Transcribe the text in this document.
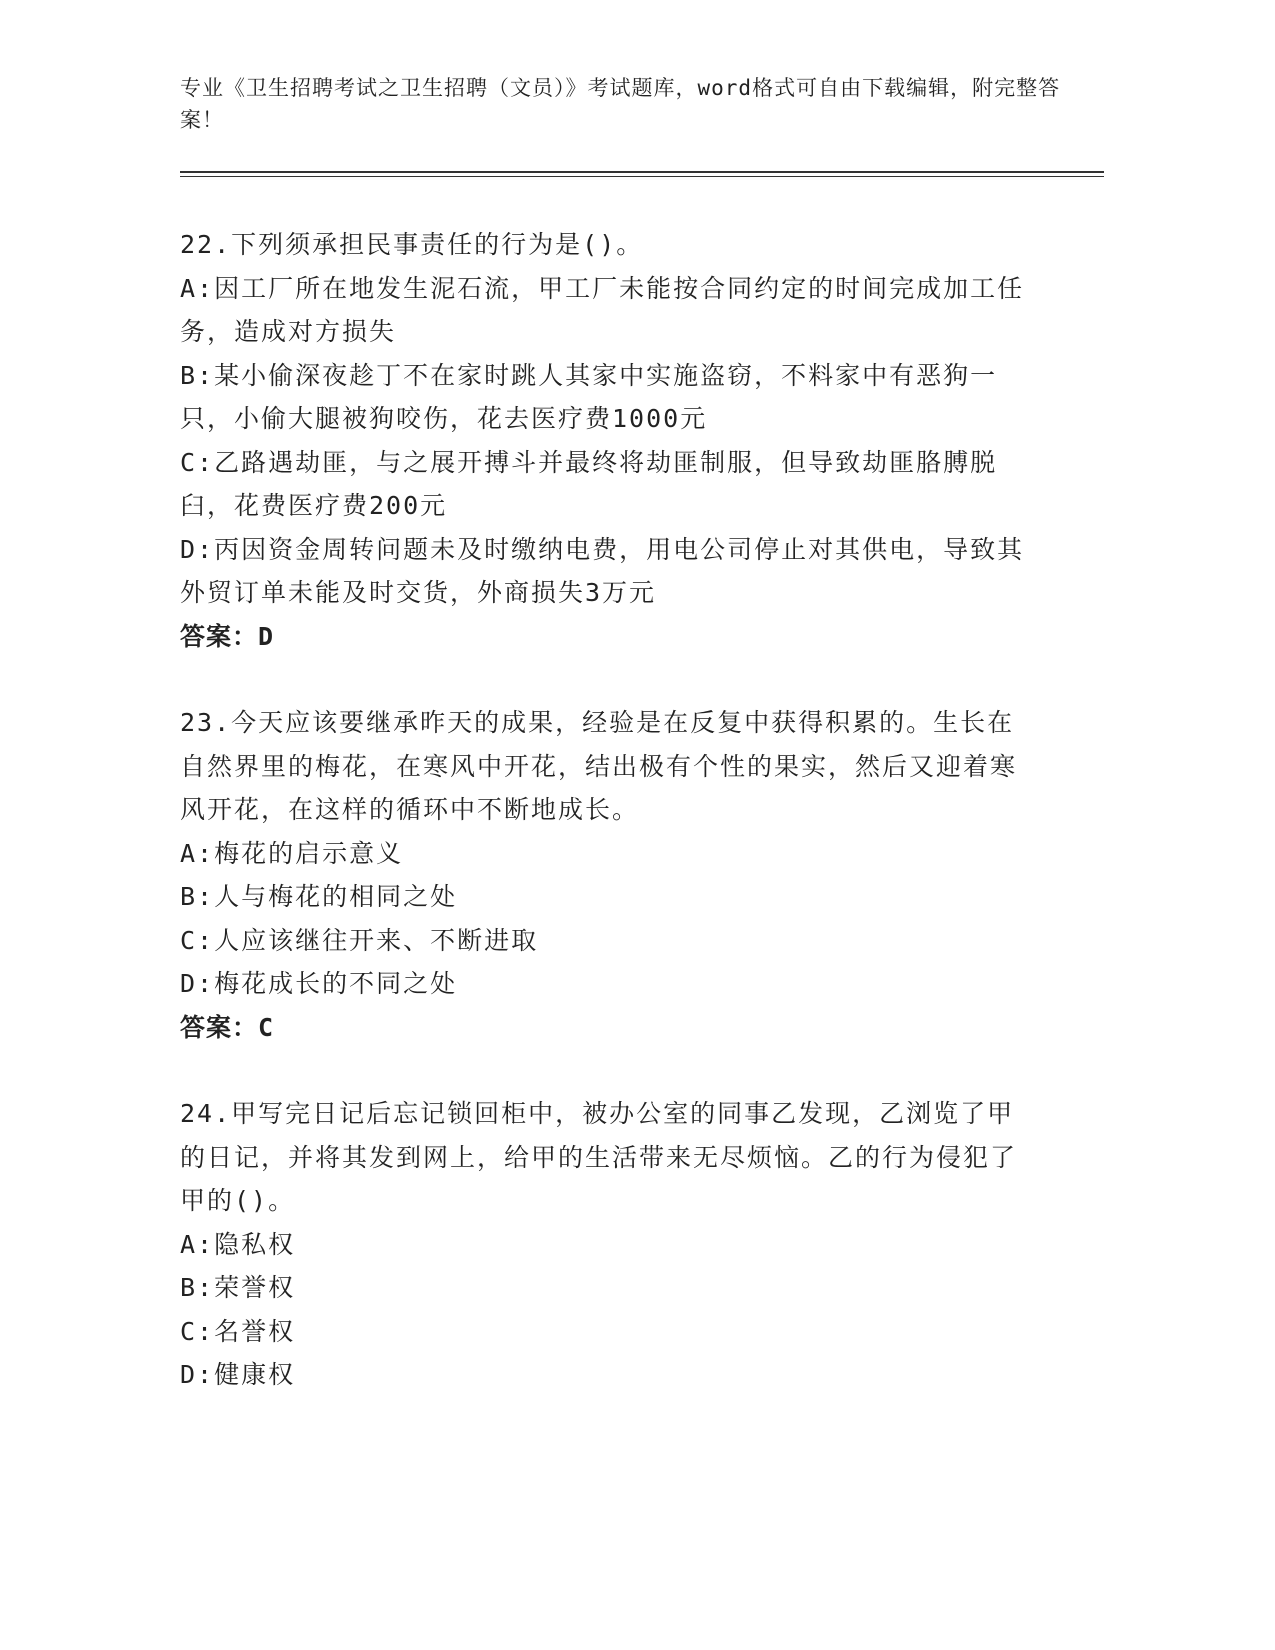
专业《卫生招聘考试之卫生招聘（文员）》考试题库，word格式可自由下载编辑，附完整答案！
22.下列须承担民事责任的行为是()。
A:因工厂所在地发生泥石流，甲工厂未能按合同约定的时间完成加工任务，造成对方损失
B:某小偷深夜趁丁不在家时跳人其家中实施盗窃，不料家中有恶狗一只，小偷大腿被狗咬伤，花去医疗费1000元
C:乙路遇劫匪，与之展开搏斗并最终将劫匪制服，但导致劫匪胳膊脱臼，花费医疗费200元
D:丙因资金周转问题未及时缴纳电费，用电公司停止对其供电，导致其外贸订单未能及时交货，外商损失3万元
答案：D
23.今天应该要继承昨天的成果，经验是在反复中获得积累的。生长在自然界里的梅花，在寒风中开花，结出极有个性的果实，然后又迎着寒风开花，在这样的循环中不断地成长。
A:梅花的启示意义
B:人与梅花的相同之处
C:人应该继往开来、不断进取
D:梅花成长的不同之处
答案：C
24.甲写完日记后忘记锁回柜中，被办公室的同事乙发现，乙浏览了甲的日记，并将其发到网上，给甲的生活带来无尽烦恼。乙的行为侵犯了甲的()。
A:隐私权
B:荣誉权
C:名誉权
D:健康权
